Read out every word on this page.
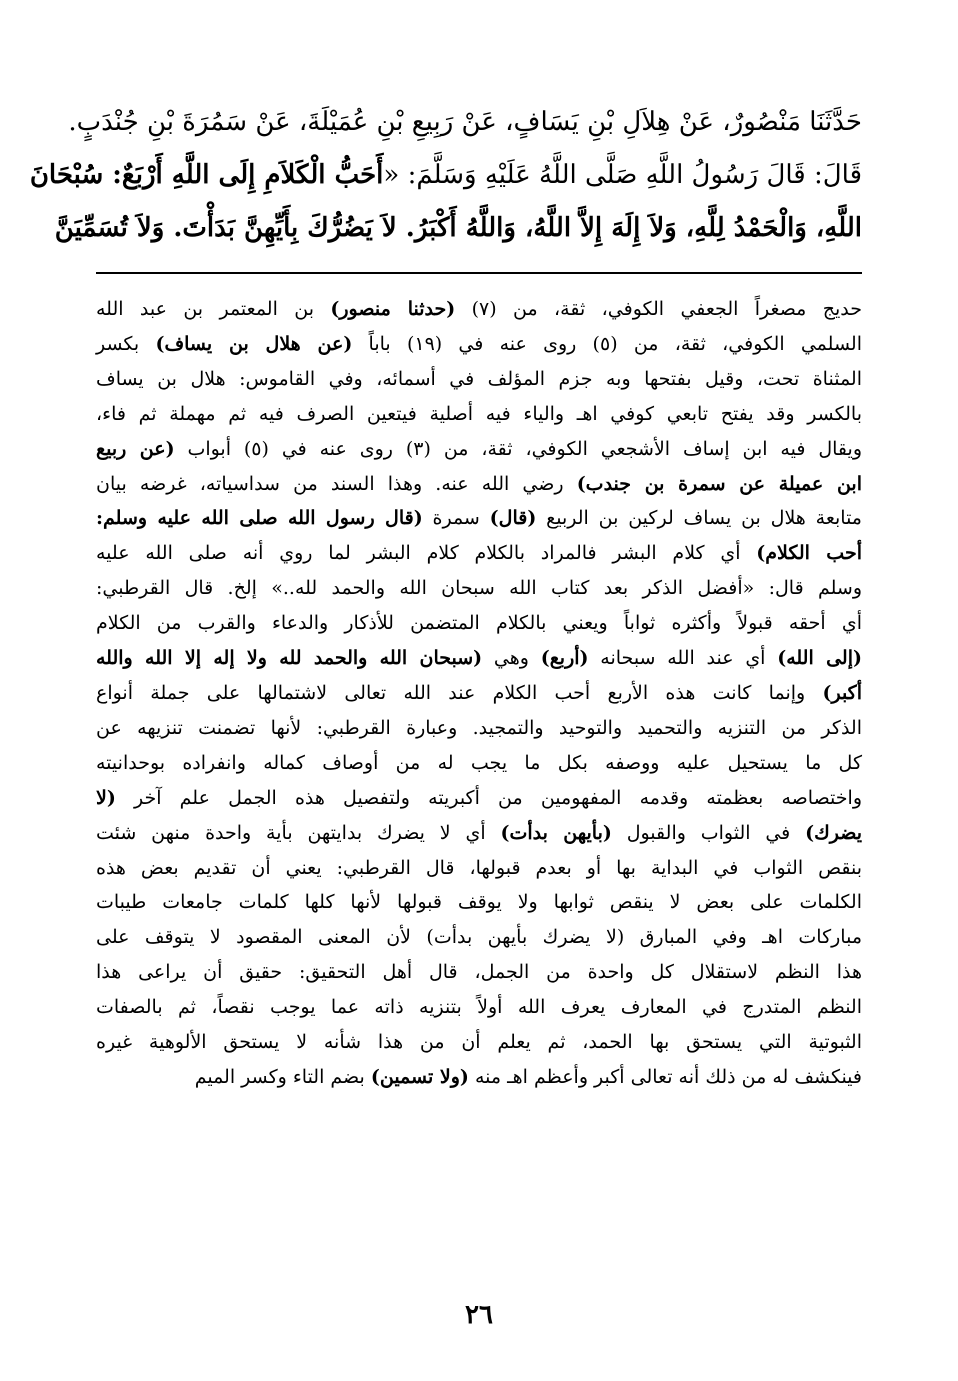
حَدَّثَنَا مَنْصُورٌ، عَنْ هِلاَلِ بْنِ يَسَافٍ، عَنْ رَبِيعِ بْنِ عُمَيْلَةَ، عَنْ سَمُرَةَ بْنِ جُنْدَبٍ.
قَالَ: قَالَ رَسُولُ اللَّهِ صَلَّى اللَّهُ عَلَيْهِ وَسَلَّمَ: «أَحَبُّ الْكَلاَمِ إِلَى اللَّهِ أَرْبَعٌ: سُبْحَانَ
اللَّهِ، وَالْحَمْدُ لِلَّهِ، وَلاَ إِلَهَ إِلاَّ اللَّهُ، وَاللَّهُ أَكْبَرُ. لاَ يَضُرُّكَ بِأَيِّهِنَّ بَدَأْتَ. وَلاَ تُسَمِّيَنَّ
حديج مصغراً الجعفي الكوفي، ثقة، من (٧) (حدثنا منصور) بن المعتمر بن عبد الله
السلمي الكوفي، ثقة، من (٥) روى عنه في (١٩) باباً (عن هلال بن يساف) بكسر
المثناة تحت، وقيل بفتحها وبه جزم المؤلف في أسمائه، وفي القاموس: هلال بن يساف
بالكسر وقد يفتح تابعي كوفي اهـ والياء فيه أصلية فيتعين الصرف فيه ثم مهملة ثم فاء،
ويقال فيه ابن إساف الأشجعي الكوفي، ثقة، من (٣) روى عنه في (٥) أبواب (عن ربيع
ابن عميلة عن سمرة بن جندب) رضي الله عنه. وهذا السند من سداسياته، غرضه بيان
متابعة هلال بن يساف لركين بن الربيع (قال) سمرة (قال رسول الله صلى الله عليه وسلم:
أحب الكلام) أي كلام البشر فالمراد بالكلام كلام البشر لما روي أنه صلى الله عليه
وسلم قال: «أفضل الذكر بعد كتاب الله سبحان الله والحمد لله..» إلخ. قال القرطبي:
أي أحقه قبولاً وأكثره ثواباً ويعني بالكلام المتضمن للأذكار والدعاء والقرب من الكلام
(إلى الله) أي عند الله سبحانه (أربع) وهي (سبحان الله والحمد لله ولا إله إلا الله والله
أكبر) وإنما كانت هذه الأربع أحب الكلام عند الله تعالى لاشتمالها على جملة أنواع
الذكر من التنزيه والتحميد والتوحيد والتمجيد. وعبارة القرطبي: لأنها تضمنت تنزيهه عن
كل ما يستحيل عليه ووصفه بكل ما يجب له من أوصاف كماله وانفراده بوحدانيته
واختصاصه بعظمته وقدمه المفهومين من أكبريته ولتفصيل هذه الجمل علم آخر (لا
يضرك) في الثواب والقبول (بأيهن بدأت) أي لا يضرك بدايتهن بأية واحدة منهن شئت
بنقص الثواب في البداية بها أو بعدم قبولها، قال القرطبي: يعني أن تقديم بعض هذه
الكلمات على بعض لا ينقص ثوابها ولا يوقف قبولها لأنها كلها كلمات جامعات طيبات
مباركات اهـ وفي المبارق (لا يضرك بأيهن بدأت) لأن المعنى المقصود لا يتوقف على
هذا النظم لاستقلال كل واحدة من الجمل، قال أهل التحقيق: حقيق أن يراعى هذا
النظم المتدرج في المعارف يعرف الله أولاً بتنزيه ذاته عما يوجب نقصاً، ثم بالصفات
الثبوتية التي يستحق بها الحمد، ثم يعلم أن من هذا شأنه لا يستحق الألوهية غيره
فينكشف له من ذلك أنه تعالى أكبر وأعظم اهـ منه (ولا تسمين) بضم التاء وكسر الميم
٢٦
